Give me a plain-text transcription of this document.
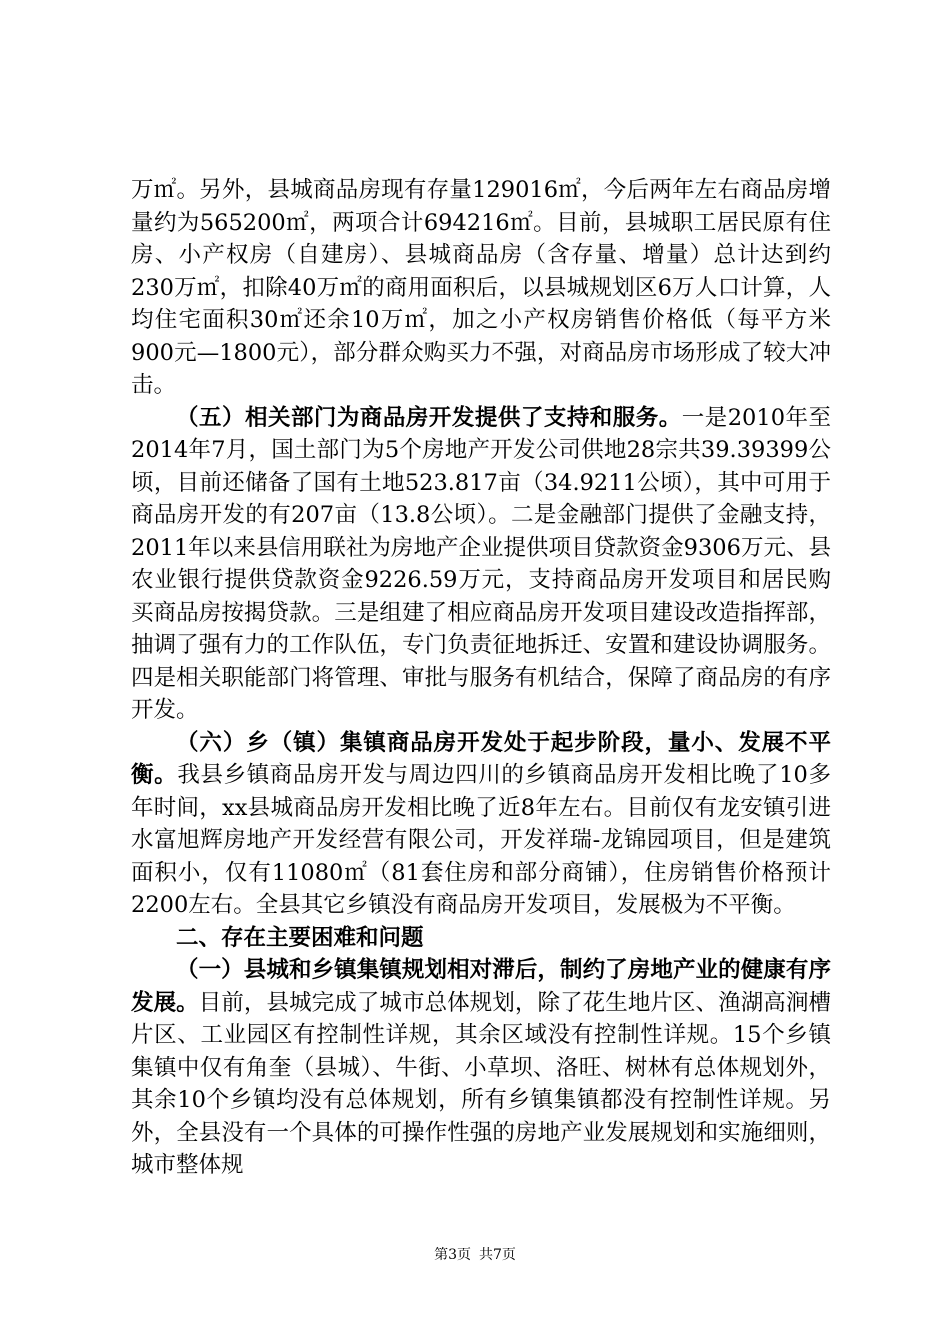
万㎡。另外，县城商品房现有存量129016㎡，今后两年左右商品房增量约为565200㎡，两项合计694216㎡。目前，县城职工居民原有住房、小产权房（自建房）、县城商品房（含存量、增量）总计达到约230万㎡，扣除40万㎡的商用面积后，以县城规划区6万人口计算，人均住宅面积30㎡还余10万㎡，加之小产权房销售价格低（每平方米900元—1800元），部分群众购买力不强，对商品房市场形成了较大冲击。

（五）相关部门为商品房开发提供了支持和服务。一是2010年至2014年7月，国土部门为5个房地产开发公司供地28宗共39.39399公顷，目前还储备了国有土地523.817亩（34.9211公顷），其中可用于商品房开发的有207亩（13.8公顷）。二是金融部门提供了金融支持，2011年以来县信用联社为房地产企业提供项目贷款资金9306万元、县农业银行提供贷款资金9226.59万元，支持商品房开发项目和居民购买商品房按揭贷款。三是组建了相应商品房开发项目建设改造指挥部，抽调了强有力的工作队伍，专门负责征地拆迁、安置和建设协调服务。四是相关职能部门将管理、审批与服务有机结合，保障了商品房的有序开发。

（六）乡（镇）集镇商品房开发处于起步阶段，量小、发展不平衡。我县乡镇商品房开发与周边四川的乡镇商品房开发相比晚了10多年时间，xx县城商品房开发相比晚了近8年左右。目前仅有龙安镇引进水富旭辉房地产开发经营有限公司，开发祥瑞-龙锦园项目，但是建筑面积小，仅有11080㎡（81套住房和部分商铺），住房销售价格预计2200左右。全县其它乡镇没有商品房开发项目，发展极为不平衡。

二、存在主要困难和问题

（一）县城和乡镇集镇规划相对滞后，制约了房地产业的健康有序发展。目前，县城完成了城市总体规划，除了花生地片区、渔湖高涧槽片区、工业园区有控制性详规，其余区域没有控制性详规。15个乡镇集镇中仅有角奎（县城）、牛街、小草坝、洛旺、树林有总体规划外，其余10个乡镇均没有总体规划，所有乡镇集镇都没有控制性详规。另外，全县没有一个具体的可操作性强的房地产业发展规划和实施细则，城市整体规

第3页 共7页
